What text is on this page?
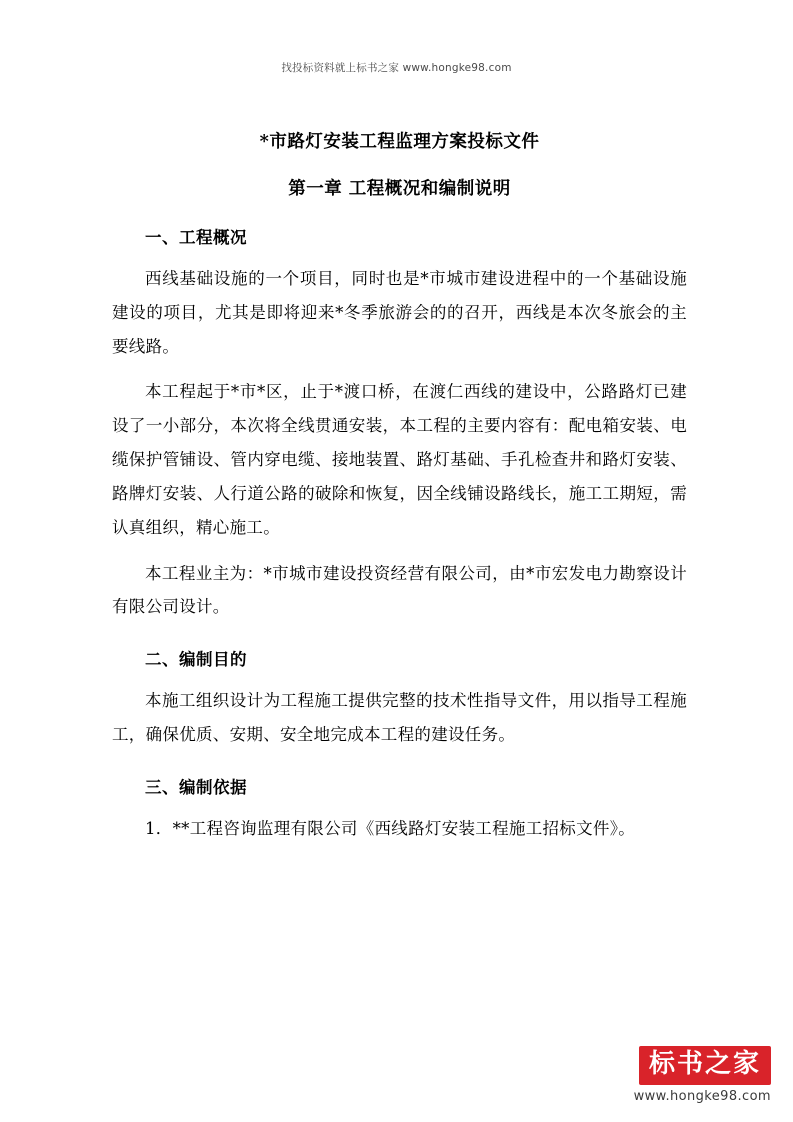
找投标资料就上标书之家 www.hongke98.com
*市路灯安装工程监理方案投标文件
第一章 工程概况和编制说明
一、工程概况

西线基础设施的一个项目，同时也是*市城市建设进程中的一个基础设施建设的项目，尤其是即将迎来*冬季旅游会的的召开，西线是本次冬旅会的主要线路。

本工程起于*市*区，止于*渡口桥，在渡仁西线的建设中，公路路灯已建设了一小部分，本次将全线贯通安装，本工程的主要内容有：配电箱安装、电缆保护管铺设、管内穿电缆、接地装置、路灯基础、手孔检查井和路灯安装、路牌灯安装、人行道公路的破除和恢复，因全线铺设路线长，施工工期短，需认真组织，精心施工。

本工程业主为：*市城市建设投资经营有限公司，由*市宏发电力勘察设计有限公司设计。

二、编制目的

本施工组织设计为工程施工提供完整的技术性指导文件，用以指导工程施工，确保优质、安期、安全地完成本工程的建设任务。

三、编制依据

1．**工程咨询监理有限公司《西线路灯安装工程施工招标文件》。

标书之家
www.hongke98.com
